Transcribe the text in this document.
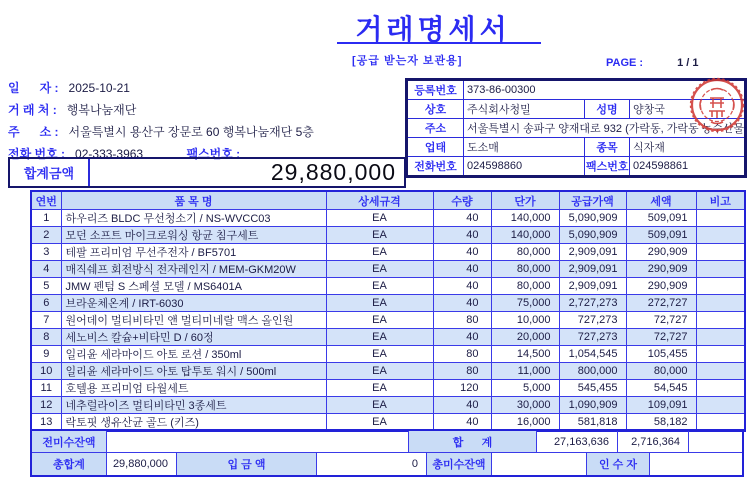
거래명세서
[공급 받는자 보관용]	PAGE :	1 / 1
일      자 : 2025-10-21
거 래 처 : 행복나눔재단
주      소 : 서울특별시 용산구 장문로 60 행복나눔재단 5층
전화 번호 : 02-333-3963	팩스번호 :
합계금액	29,880,000
등록번호	373-86-00300		
상호	주식회사청밀	성명	양창국
주소	서울특별시 송파구 양재대로 932 (가락동, 가락동 농수산물		
업태	도소매	종목	식자재
전화번호	024598860	팩스번호	024598861
연번	품 목 명	상세규격	수량	단가	공급가액	세액	비고
1	하우리즈 BLDC 무선청소기 / NS-WVCC03	EA	40	140,000	5,090,909	509,091	
2	모던 소프트 마이크로워싱 항균 침구세트	EA	40	140,000	5,090,909	509,091	
3	테팔 프리미엄 무선주전자 / BF5701	EA	40	80,000	2,909,091	290,909	
4	매직쉐프 회전방식 전자레인지 / MEM-GKM20W	EA	40	80,000	2,909,091	290,909	
5	JMW 펜텀 S 스페셜 모델 / MS6401A	EA	40	80,000	2,909,091	290,909	
6	브라운체온계 / IRT-6030	EA	40	75,000	2,727,273	272,727	
7	원어데이 멀티비타민 앤 멀티미네랄 맥스 올인원	EA	80	10,000	727,273	72,727	
8	세노비스 칼슘+비타민 D / 60정	EA	40	20,000	727,273	72,727	
9	일리윤 세라마이드 아토 로션 / 350ml	EA	80	14,500	1,054,545	105,455	
10	일리윤 세라마이드 아토 탑투토 워시 / 500ml	EA	80	11,000	800,000	80,000	
11	호텔용 프리미엄 타월세트	EA	120	5,000	545,455	54,545	
12	네추럴라이즈 멀티비타민 3종세트	EA	40	30,000	1,090,909	109,091	
13	락토핏 생유산균 골드 (키즈)	EA	40	16,000	581,818	58,182	
전미수잔액	합      계	27,163,636	2,716,364
총합계	29,880,000	입 금 액	0	총미수잔액	인 수 자
